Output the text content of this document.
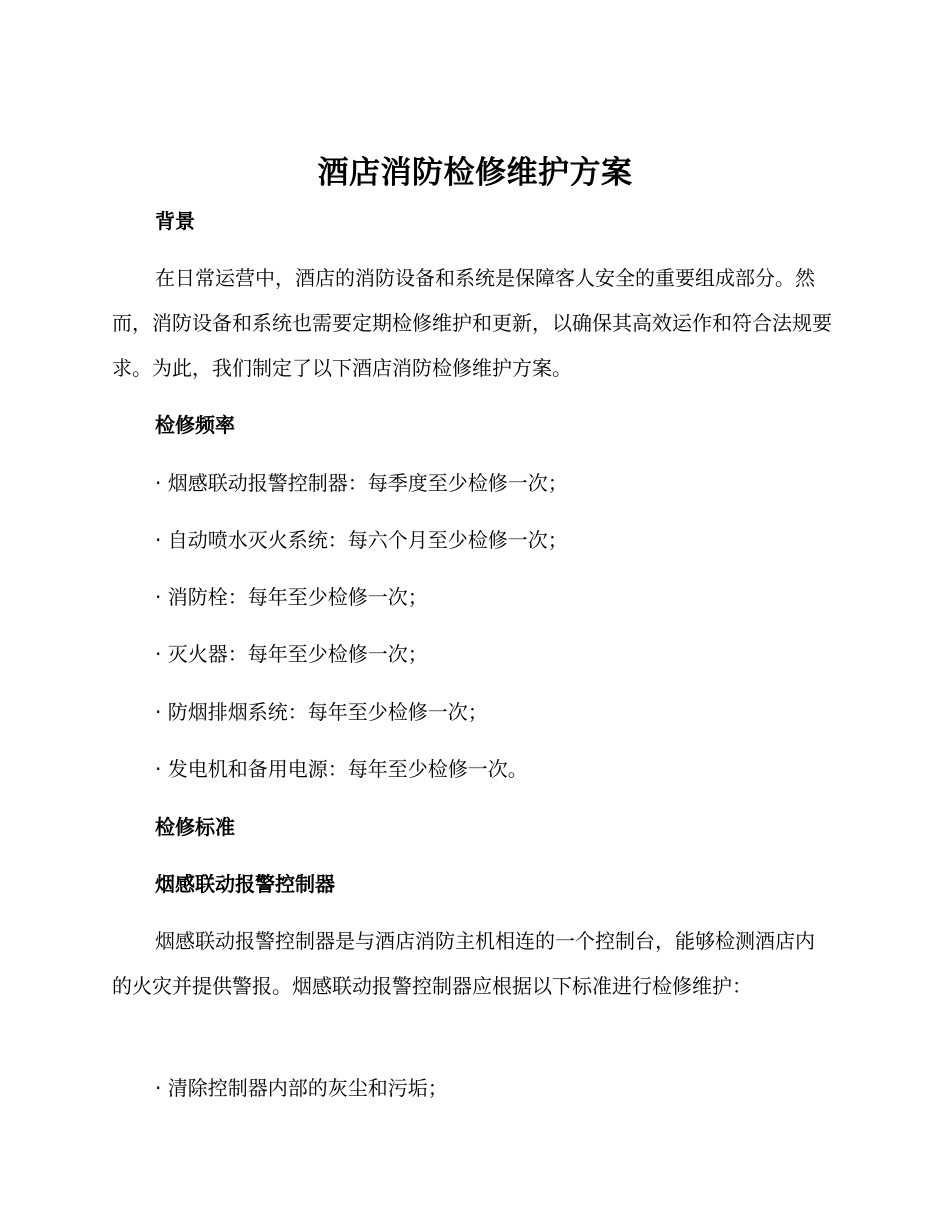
酒店消防检修维护方案
背景
在日常运营中，酒店的消防设备和系统是保障客人安全的重要组成部分。然而，消防设备和系统也需要定期检修维护和更新，以确保其高效运作和符合法规要求。为此，我们制定了以下酒店消防检修维护方案。
检修频率
· 烟感联动报警控制器：每季度至少检修一次；
· 自动喷水灭火系统：每六个月至少检修一次；
· 消防栓：每年至少检修一次；
· 灭火器：每年至少检修一次；
· 防烟排烟系统：每年至少检修一次；
· 发电机和备用电源：每年至少检修一次。
检修标准
烟感联动报警控制器
烟感联动报警控制器是与酒店消防主机相连的一个控制台，能够检测酒店内的火灾并提供警报。烟感联动报警控制器应根据以下标准进行检修维护：
· 清除控制器内部的灰尘和污垢；
